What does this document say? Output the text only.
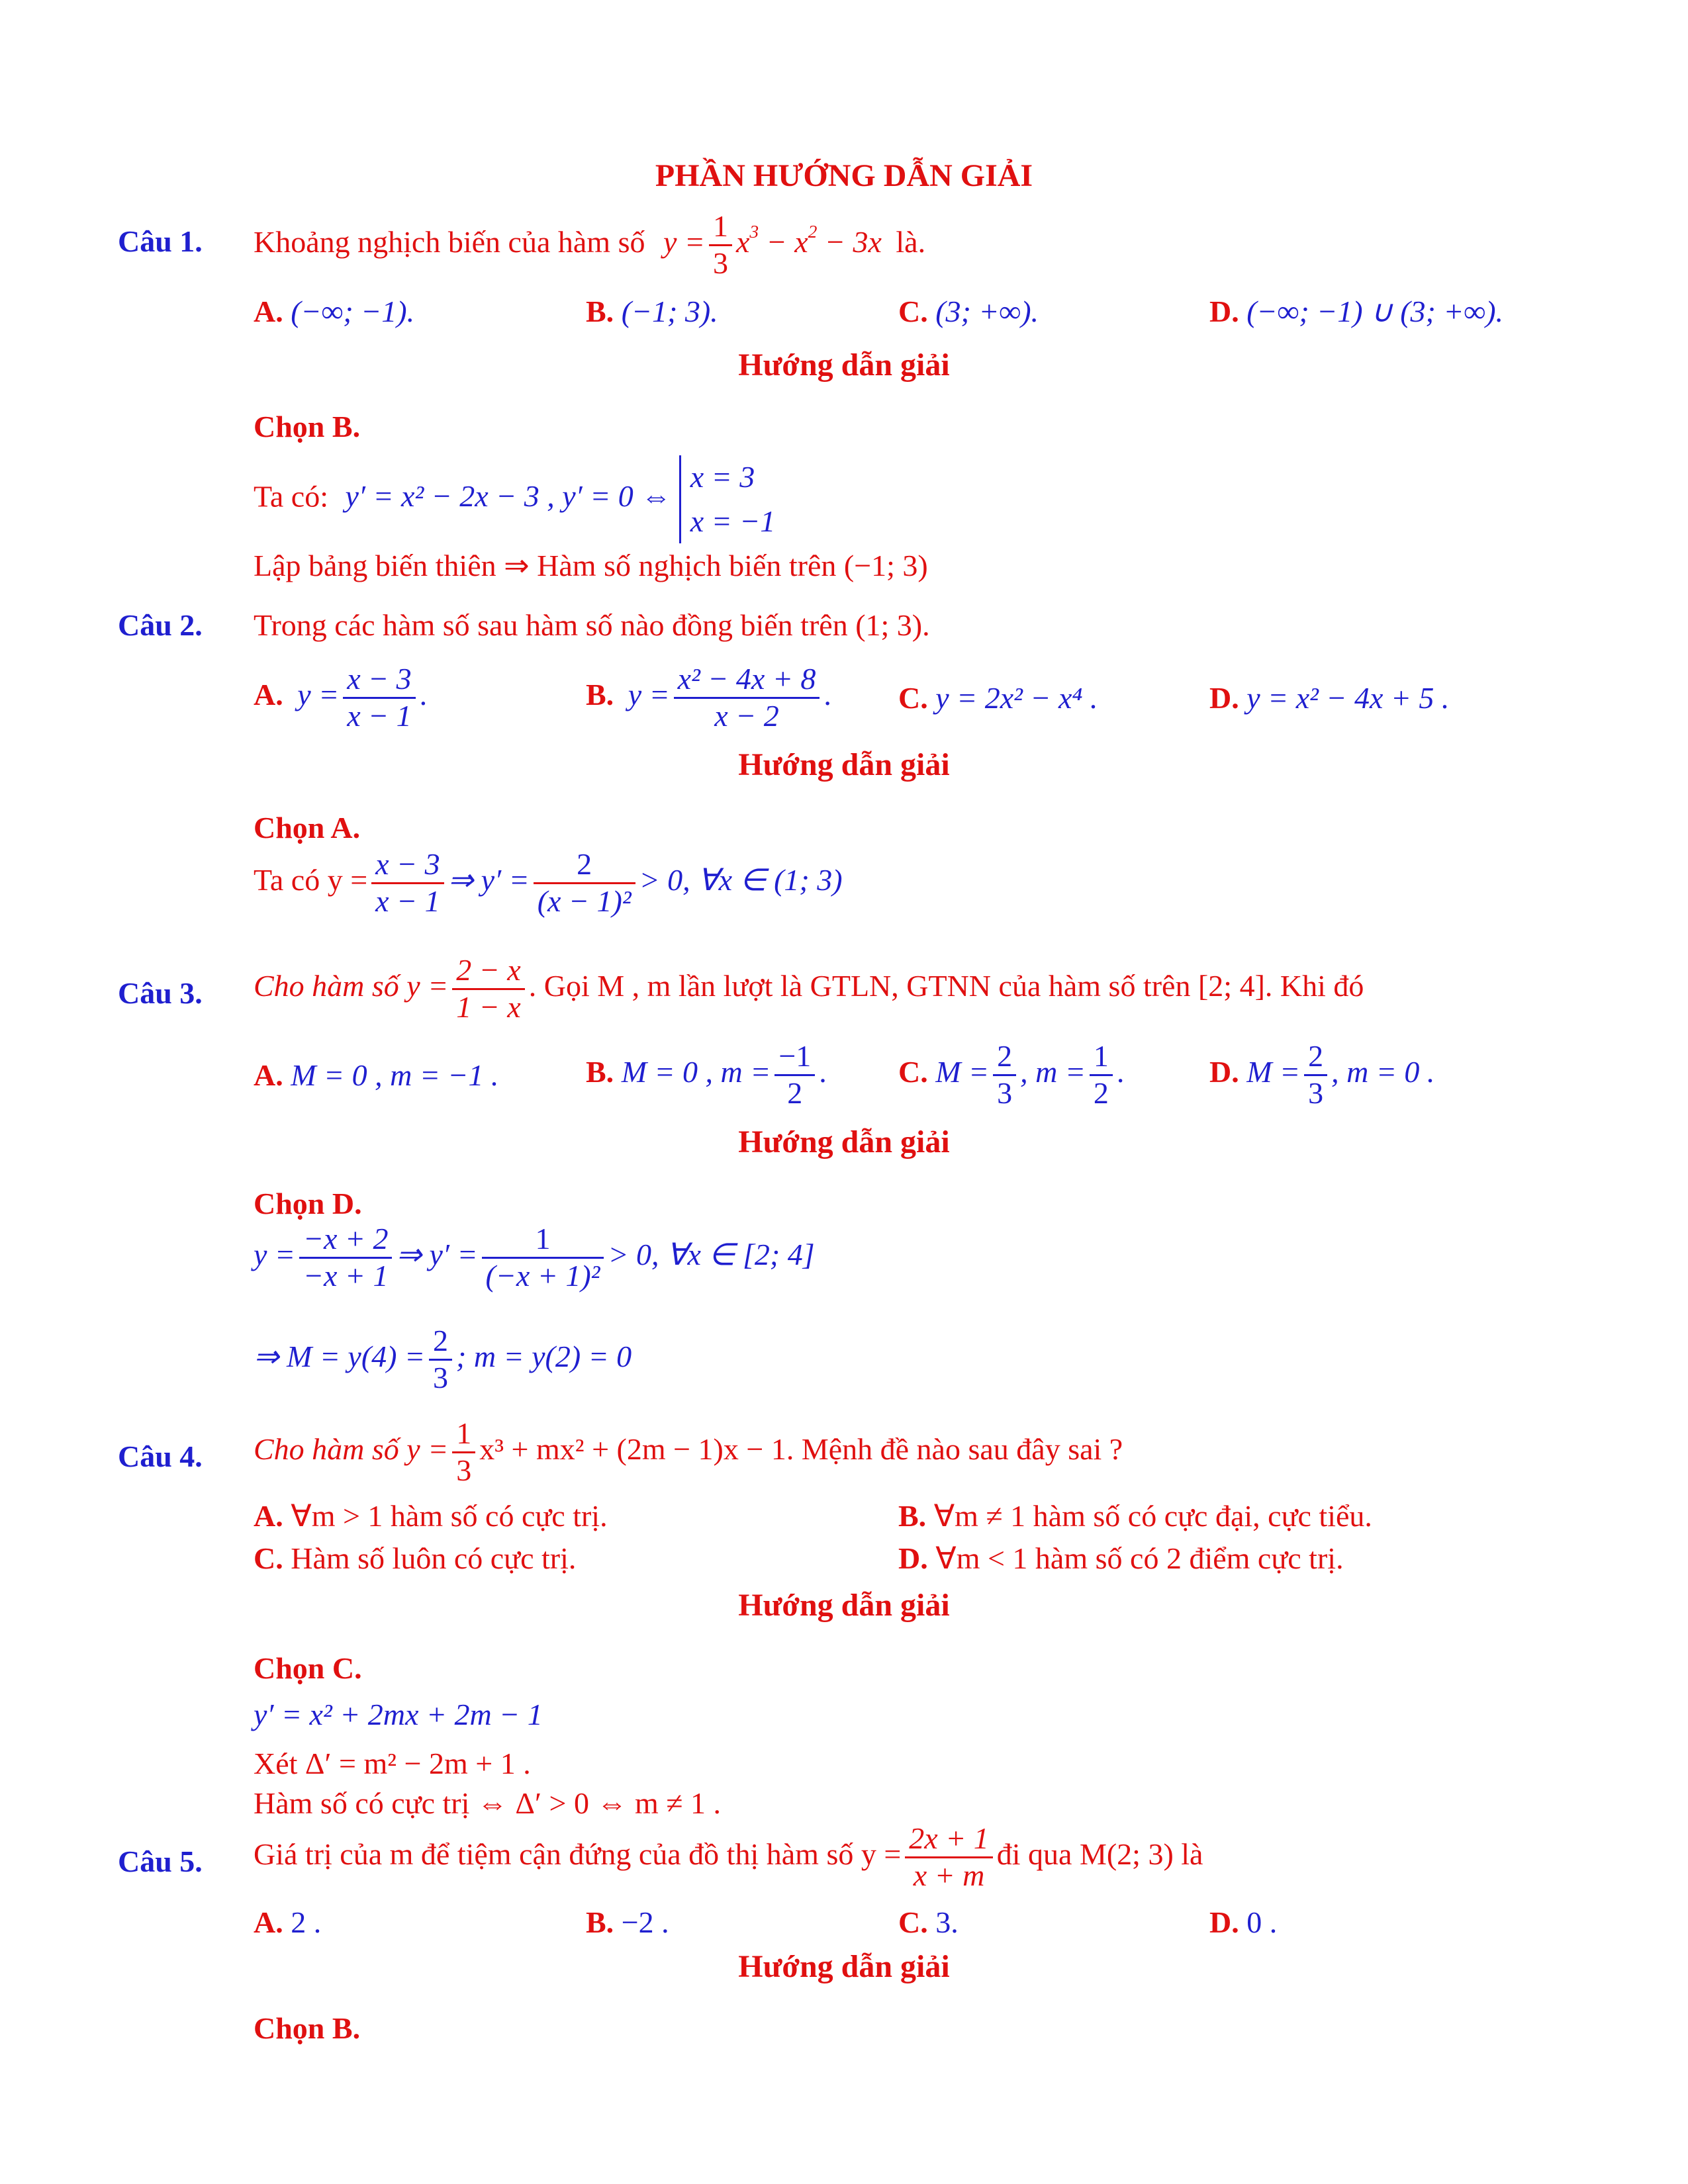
PHẦN HƯỚNG DẪN GIẢI
Câu 1. Khoảng nghịch biến của hàm số $y = \frac{1}{3} x^3 - x^2 - 3x$ là.
A. (−∞; −1).	B. (−1; 3).	C. (3; +∞).	D. (−∞; −1) ∪ (3; +∞).
Hướng dẫn giải
Chọn B.
Ta có: y′ = x² − 2x − 3 , y′ = 0 ⇔
x = 3
x = −1
Lập bảng biến thiên ⇒ Hàm số nghịch biến trên (−1; 3)
Câu 2. Trong các hàm số sau hàm số nào đồng biến trên (1; 3).
A. $y = \frac{x - 3}{x - 1}$ .	B. $y = \frac{\text{x² − 4x + 8}}{x - 2}$ . C. y = 2x² − x⁴ .	D. y = x² − 4x + 5 .
Hướng dẫn giải
Chọn A.
Ta có $y = \frac{x - 3}{x - 1}$ ⇒ $y' = \frac{2}{\text{(x − 1)²}} > 0$, ∀x ∈ (1; 3)
Câu 3. Cho hàm số $y = \frac{2 - x}{1 - x}$ . Gọi M , m lần lượt là GTLN, GTNN của hàm số trên [2; 4]. Khi đó
A. M = 0 , m = −1 .	B. M = 0 , $m = \frac{-1}{2}$ . C. $M = \frac{2}{3}$ , $m = \frac{1}{2}$ .	D. $M = \frac{2}{3}$ , m = 0 .
Hướng dẫn giải
Chọn D.
$y = \frac{-x + 2}{-x + 1}$ ⇒ $y' = \frac{1}{\text{(−x + 1)²}} > 0$, ∀x ∈ [2; 4]
⇒ $M = y(4) = \frac{2}{3}$ ; m = y(2) = 0
Câu 4. Cho hàm số $y = \frac{1}{3} x^3 + mx^2 + (2m - 1)x - 1$. Mệnh đề nào sau đây sai ?
A. ∀m > 1 hàm số có cực trị.	B. ∀m ≠ 1 hàm số có cực đại, cực tiểu.
C. Hàm số luôn có cực trị.	D. ∀m < 1 hàm số có 2 điểm cực trị.
Hướng dẫn giải
Chọn C.
y′ = x² + 2mx + 2m − 1
Xét Δ′ = m² − 2m + 1 .
Hàm số có cực trị ⇔ Δ′ > 0 ⇔ m ≠ 1 .
Câu 5. Giá trị của m để tiệm cận đứng của đồ thị hàm số $y = \frac{2x + 1}{x + m}$ đi qua M(2; 3) là
A. 2 .	B. −2 .	C. 3.	D. 0 .
Hướng dẫn giải
Chọn B.
